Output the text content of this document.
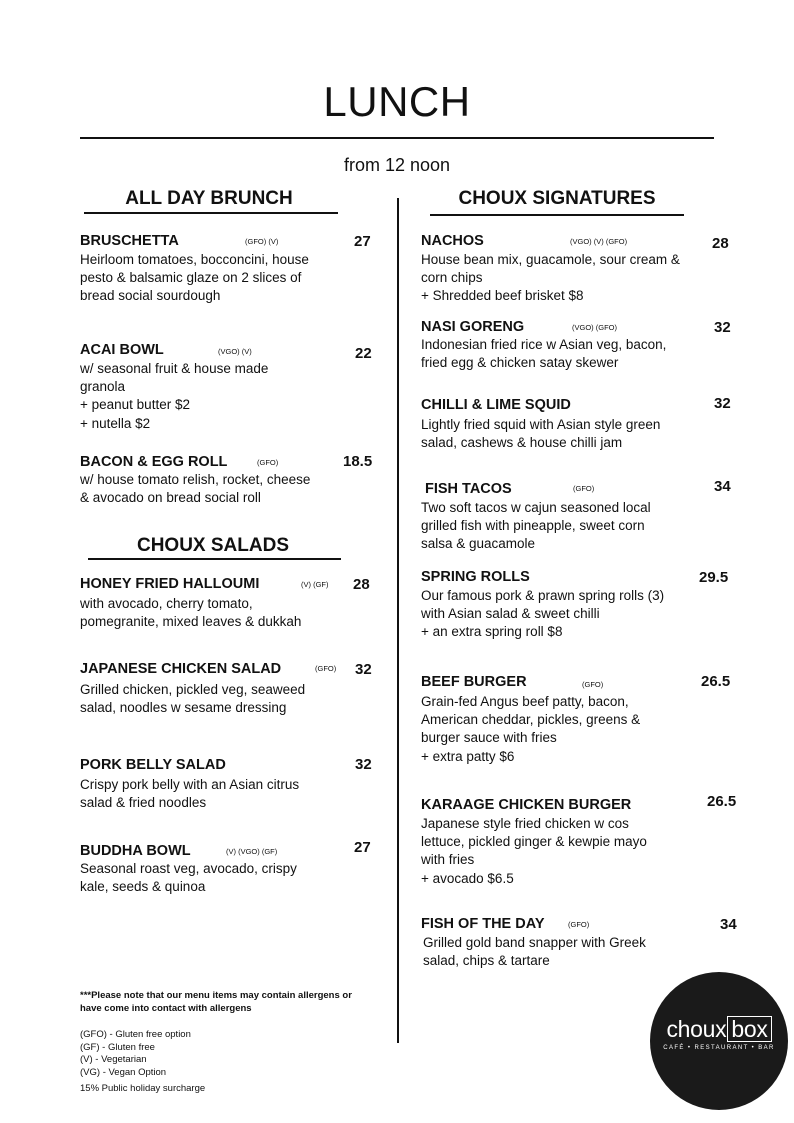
LUNCH
from 12 noon
ALL DAY BRUNCH	CHOUX SIGNATURES
CHOUX SALADS
BRUSCHETTA	(GFO) (V)	27
Heirloom tomatoes, bocconcini, house
pesto & balsamic glaze on 2 slices of
bread social sourdough
ACAI BOWL	(VGO) (V)	22
w/ seasonal fruit & house made
granola
+ peanut butter $2
+ nutella $2
BACON & EGG ROLL	(GFO)	18.5
w/ house tomato relish, rocket, cheese
& avocado on bread social roll
HONEY FRIED HALLOUMI	(V) (GF) 28
with avocado, cherry tomato,
pomegranite, mixed leaves & dukkah
JAPANESE CHICKEN SALAD	(GFO) 32
Grilled chicken, pickled veg, seaweed
salad, noodles w sesame dressing
PORK BELLY SALAD	32
Crispy pork belly with an Asian citrus
salad & fried noodles
BUDDHA BOWL	(V) (VGO) (GF)	27
Seasonal roast veg, avocado, crispy
kale, seeds & quinoa
NACHOS	(VGO) (V) (GFO)	28
House bean mix, guacamole, sour cream &
corn chips
+ Shredded beef brisket $8
NASI GORENG	(VGO) (GFO)	32
Indonesian fried rice w Asian veg, bacon,
fried egg & chicken satay skewer
CHILLI & LIME SQUID	32
Lightly fried squid with Asian style green
salad, cashews & house chilli jam
FISH TACOS	(GFO)	34
Two soft tacos w cajun seasoned local
grilled fish with pineapple, sweet corn
salsa & guacamole
SPRING ROLLS	29.5
Our famous pork & prawn spring rolls (3)
with Asian salad & sweet chilli
+ an extra spring roll $8
BEEF BURGER	(GFO)	26.5
Grain-fed Angus beef patty, bacon,
American cheddar, pickles, greens &
burger sauce with fries
+ extra patty $6
KARAAGE CHICKEN BURGER	26.5
Japanese style fried chicken w cos
lettuce, pickled ginger & kewpie mayo
with fries
+ avocado $6.5
FISH OF THE DAY	(GFO)	34
Grilled gold band snapper with Greek
salad, chips & tartare
***Please note that our menu items may contain allergens or
have come into contact with allergens
(GFO) - Gluten free option
(GF) - Gluten free
(V) - Vegetarian
(VG) - Vegan Option
15% Public holiday surcharge
choux box
CAFÉ • RESTAURANT • BAR
